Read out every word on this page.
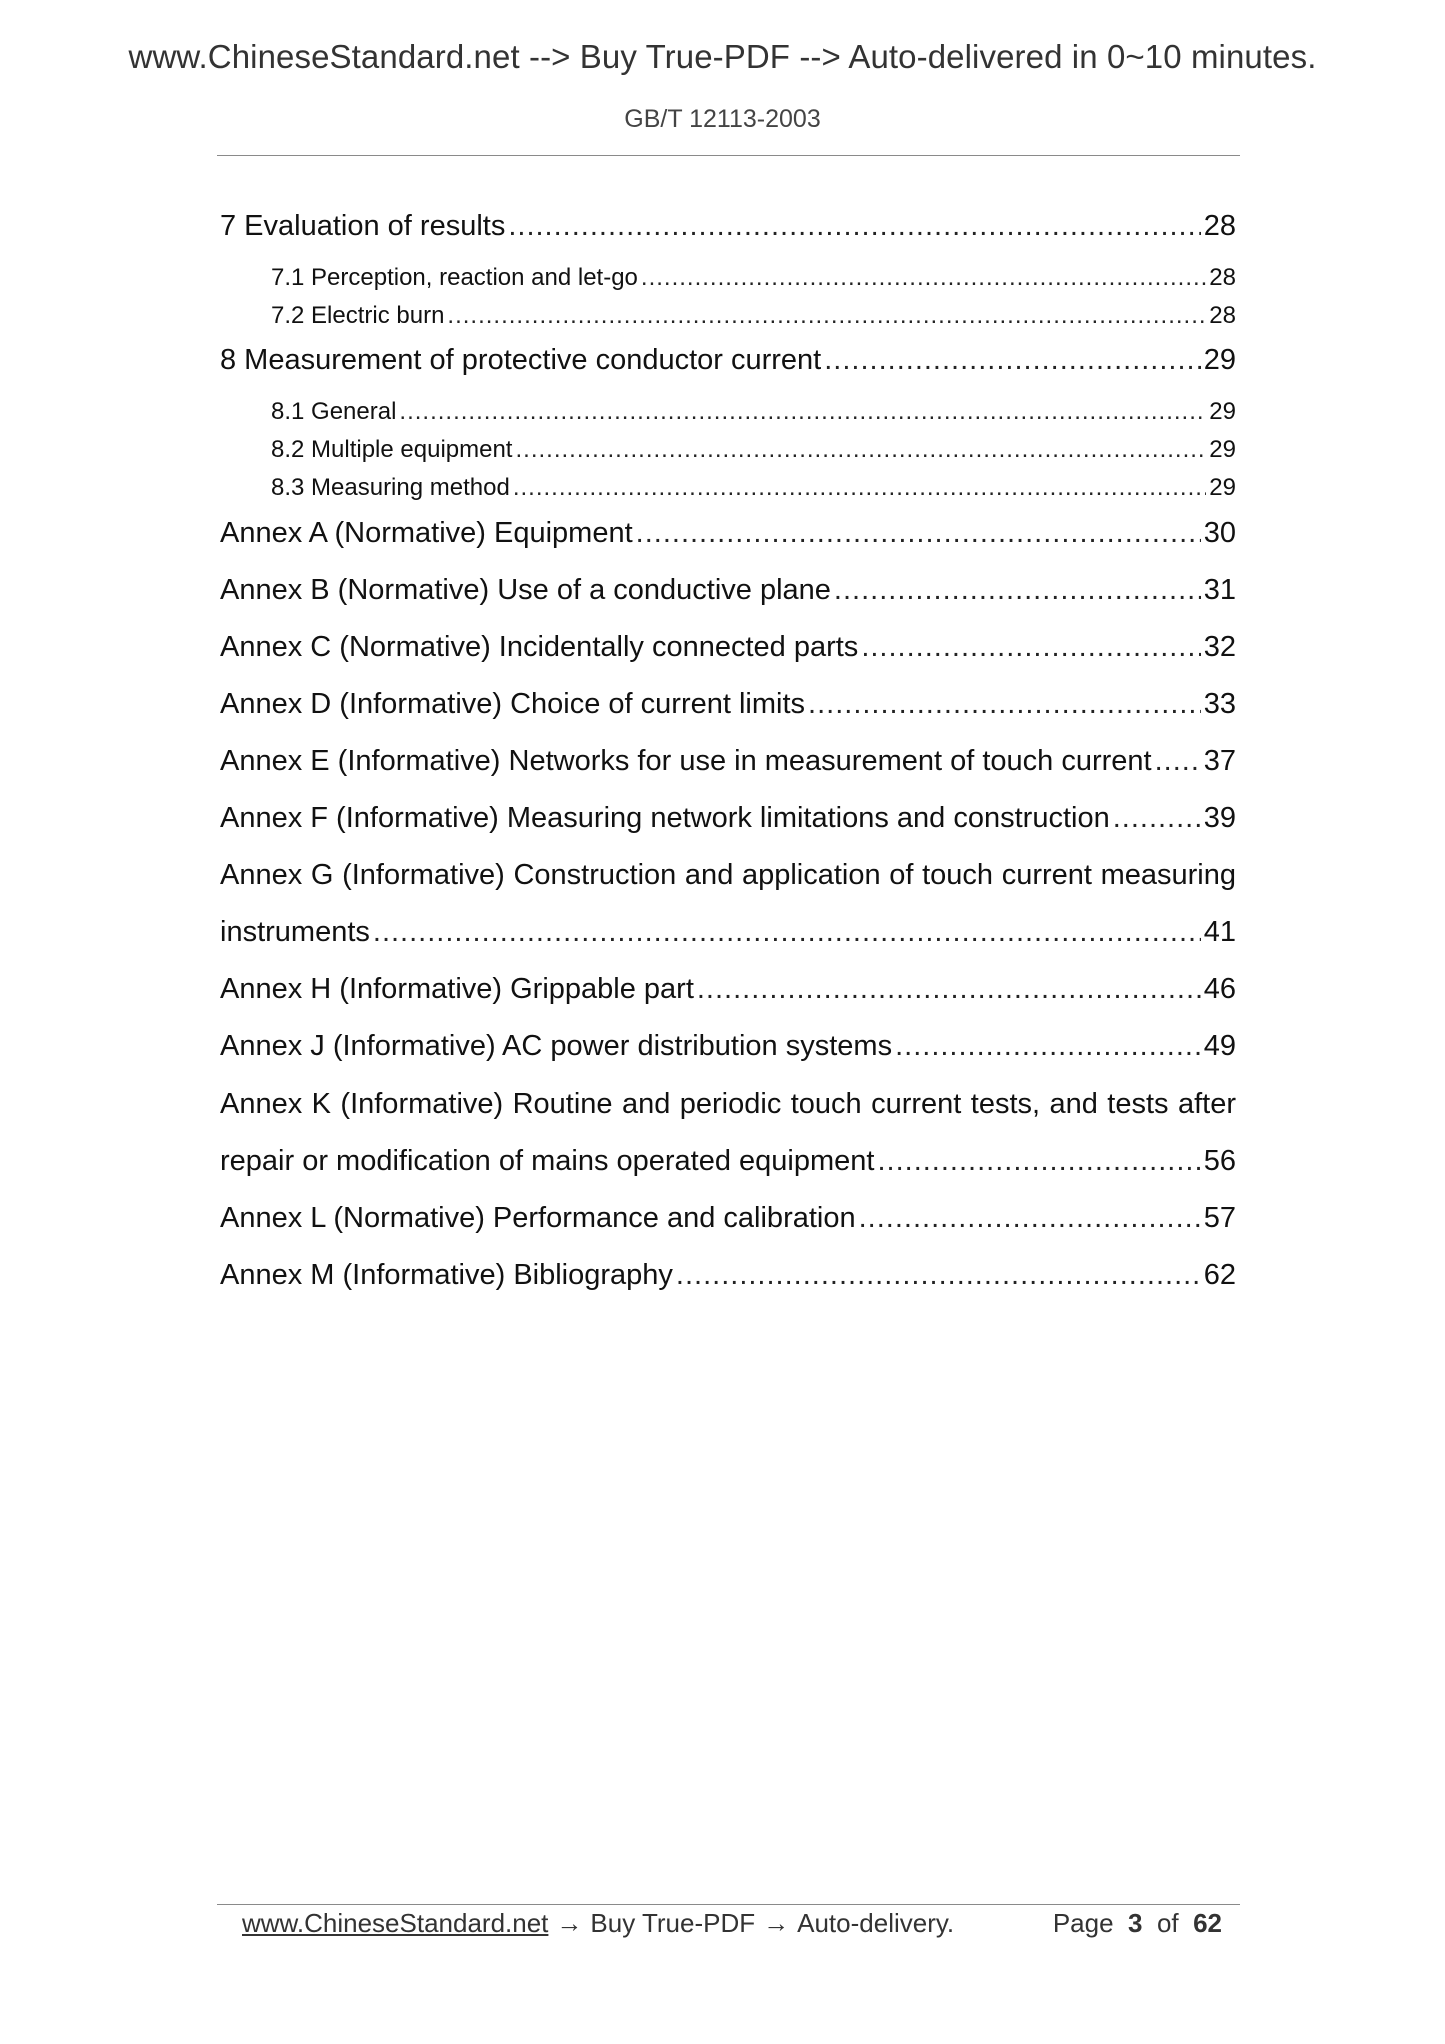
www.ChineseStandard.net --> Buy True-PDF --> Auto-delivered in 0~10 minutes.
GB/T 12113-2003
7 Evaluation of results .....	28
7.1 Perception, reaction and let-go .....	28
7.2 Electric burn .....	28
8 Measurement of protective conductor current .....	29
8.1 General .....	29
8.2 Multiple equipment .....	29
8.3 Measuring method .....	29
Annex A (Normative) Equipment .....	30
Annex B (Normative) Use of a conductive plane .....	31
Annex C (Normative) Incidentally connected parts .....	32
Annex D (Informative) Choice of current limits .....	33
Annex E (Informative) Networks for use in measurement of touch current ..... 37
Annex F (Informative) Measuring network limitations and construction .....	39
Annex G (Informative) Construction and application of touch current measuring
instruments .....	41
Annex H (Informative) Grippable part .....	46
Annex J (Informative) AC power distribution systems .....	49
Annex K (Informative) Routine and periodic touch current tests, and tests after
repair or modification of mains operated equipment .....	56
Annex L (Normative) Performance and calibration .....	57
Annex M (Informative) Bibliography .....	62
www.ChineseStandard.net → Buy True-PDF → Auto-delivery.	Page 3 of 62
